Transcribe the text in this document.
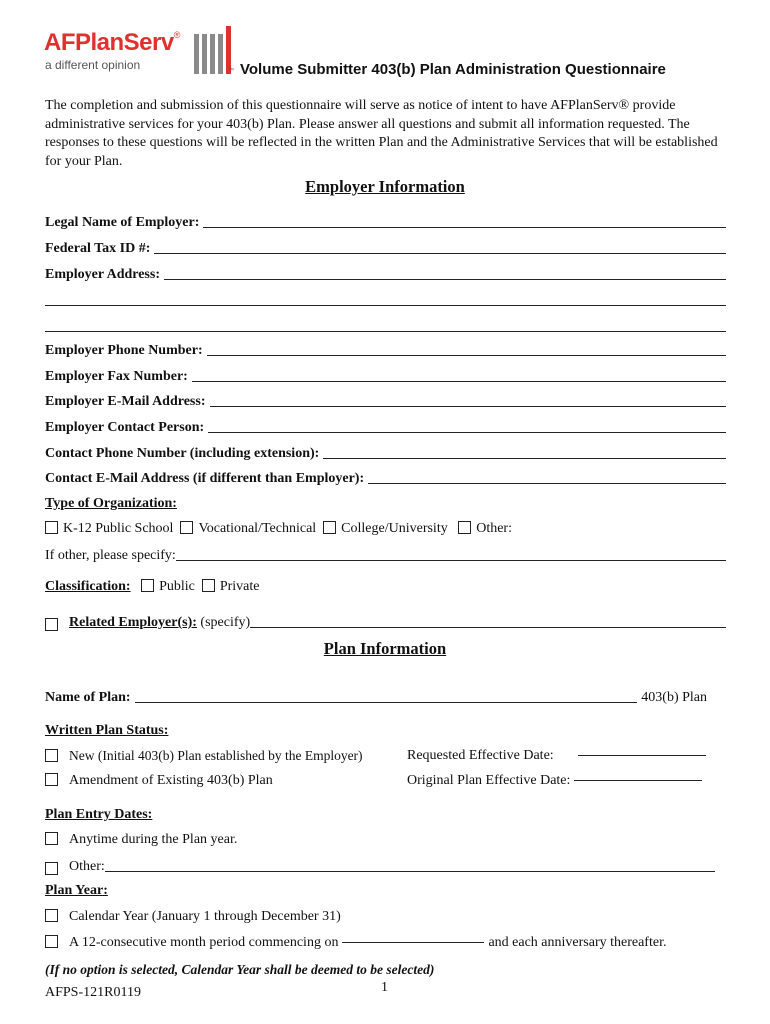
AFPlanServ®
a different opinion	™ Volume Submitter 403(b) Plan Administration Questionnaire
The completion and submission of this questionnaire will serve as notice of intent to have AFPlanServ® provide administrative services for your 403(b) Plan. Please answer all questions and submit all information requested. The responses to these questions will be reflected in the written Plan and the Administrative Services that will be established for your Plan.
Employer Information
Legal Name of Employer:
Federal Tax ID #:
Employer Address:
Employer Phone Number:
Employer Fax Number:
Employer E-Mail Address:
Employer Contact Person:
Contact Phone Number (including extension):
Contact E-Mail Address (if different than Employer):
Type of Organization:
K-12 Public School Vocational/Technical College/University Other:
If other, please specify:
Classification: Public Private
Related Employer(s):
(specify)
Plan Information
Name of Plan:	403(b) Plan
Written Plan Status:
New (Initial 403(b) Plan established by the Employer)	Requested Effective Date:
Amendment of Existing 403(b) Plan	Original Plan Effective Date:
Plan Entry Dates:
Anytime during the Plan year.
Other:
Plan Year:
Calendar Year (January 1 through December 31)
A 12-consecutive month period commencing on	and each anniversary thereafter.
(If no option is selected, Calendar Year shall be deemed to be selected)
1
AFPS-121R0119
